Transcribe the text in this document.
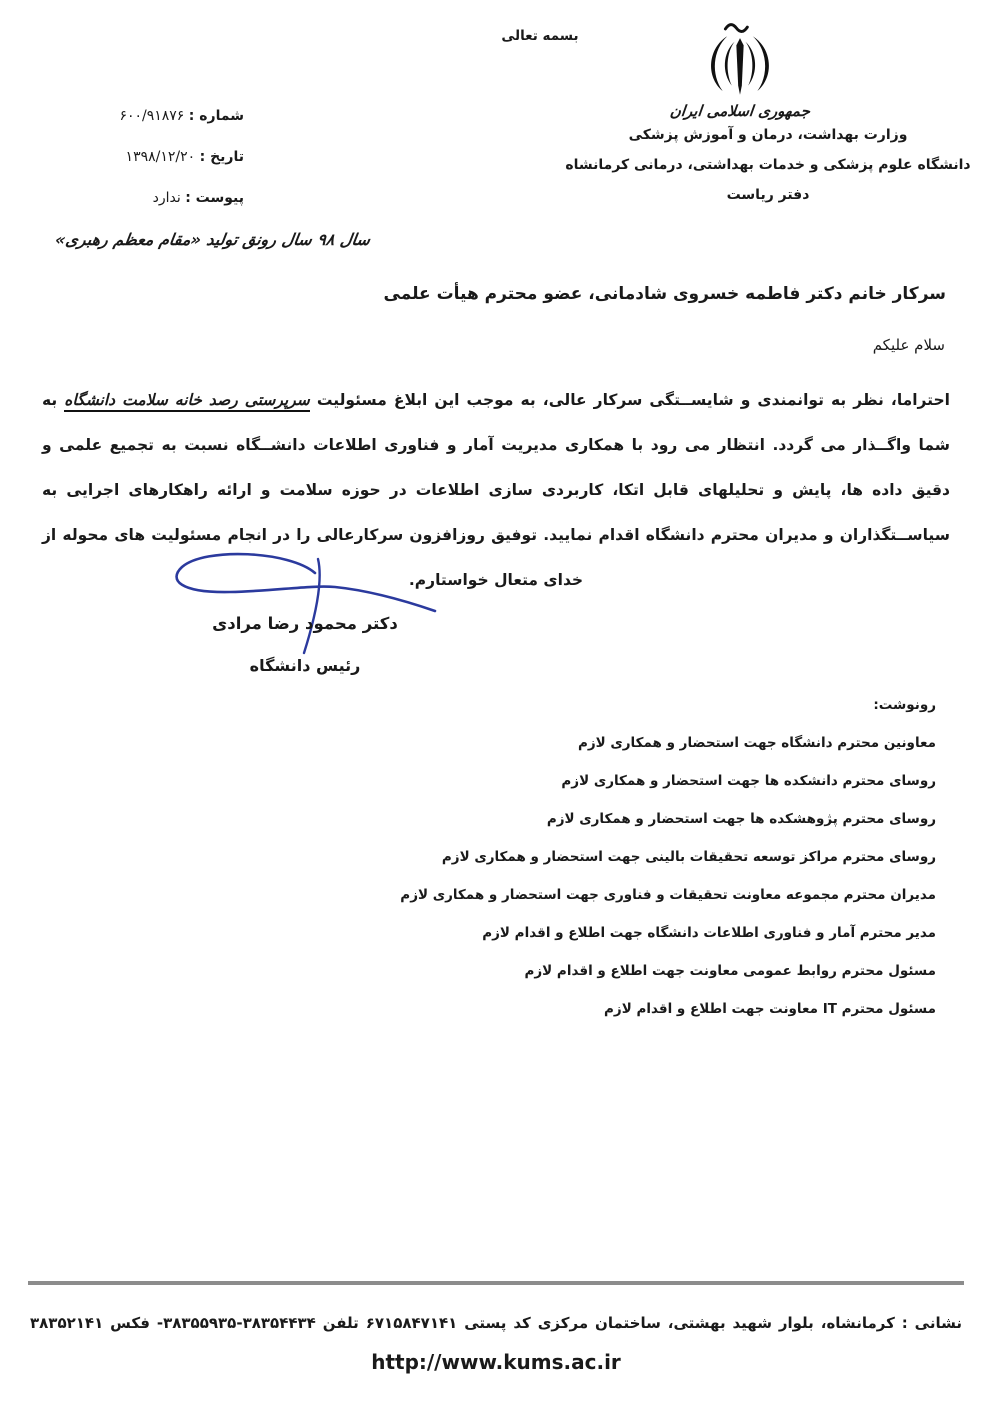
بسمه تعالی
جمهوری اسلامی ایران
وزارت بهداشت، درمان و آموزش پزشکی
دانشگاه علوم پزشکی و خدمات بهداشتی، درمانی کرمانشاه
دفتر ریاست
شماره : ۶۰۰/۹۱۸۷۶
تاریخ : ۱۳۹۸/۱۲/۲۰
پیوست : ندارد
سال ۹۸ سال رونق تولید «مقام معظم رهبری»
سرکار خانم دکتر فاطمه خسروی شادمانی، عضو محترم هیأت علمی
سلام علیکم
احتراما، نظر به توانمندی و شایســتگی سرکار عالی، به موجب این ابلاغ مسئولیت سرپرستی رصد خانه سلامت دانشگاه به شما واگــذار می گردد. انتظار می رود با همکاری مدیریت آمار و فناوری اطلاعات دانشــگاه نسبت به تجمیع علمی و دقیق داده ها، پایش و تحلیلهای قابل اتکا، کاربردی سازی اطلاعات در حوزه سلامت و ارائه راهکارهای اجرایی به سیاســتگذاران و مدیران محترم دانشگاه اقدام نمایید. توفیق روزافزون سرکارعالی را در انجام مسئولیت های محوله از خدای متعال خواستارم.
دکتر محمود رضا مرادی
رئیس دانشگاه
رونوشت:
معاونین محترم دانشگاه جهت استحضار و همکاری لازم
روسای محترم دانشکده ها جهت استحضار و همکاری لازم
روسای محترم پژوهشکده ها جهت استحضار و همکاری لازم
روسای محترم مراکز توسعه تحقیقات بالینی جهت استحضار و همکاری لازم
مدیران محترم مجموعه معاونت تحقیقات و فناوری جهت استحضار و همکاری لازم
مدیر محترم آمار و فناوری اطلاعات دانشگاه جهت اطلاع و اقدام لازم
مسئول محترم روابط عمومی معاونت جهت اطلاع و اقدام لازم
مسئول محترم IT معاونت جهت اطلاع و اقدام لازم
نشانی : کرمانشاه، بلوار شهید بهشتی، ساختمان مرکزی کد پستی ۶۷۱۵۸۴۷۱۴۱ تلفن ۳۸۳۵۴۴۳۴-۳۸۳۵۵۹۳۵- فکس ۳۸۳۵۲۱۴۱
http://www.kums.ac.ir
